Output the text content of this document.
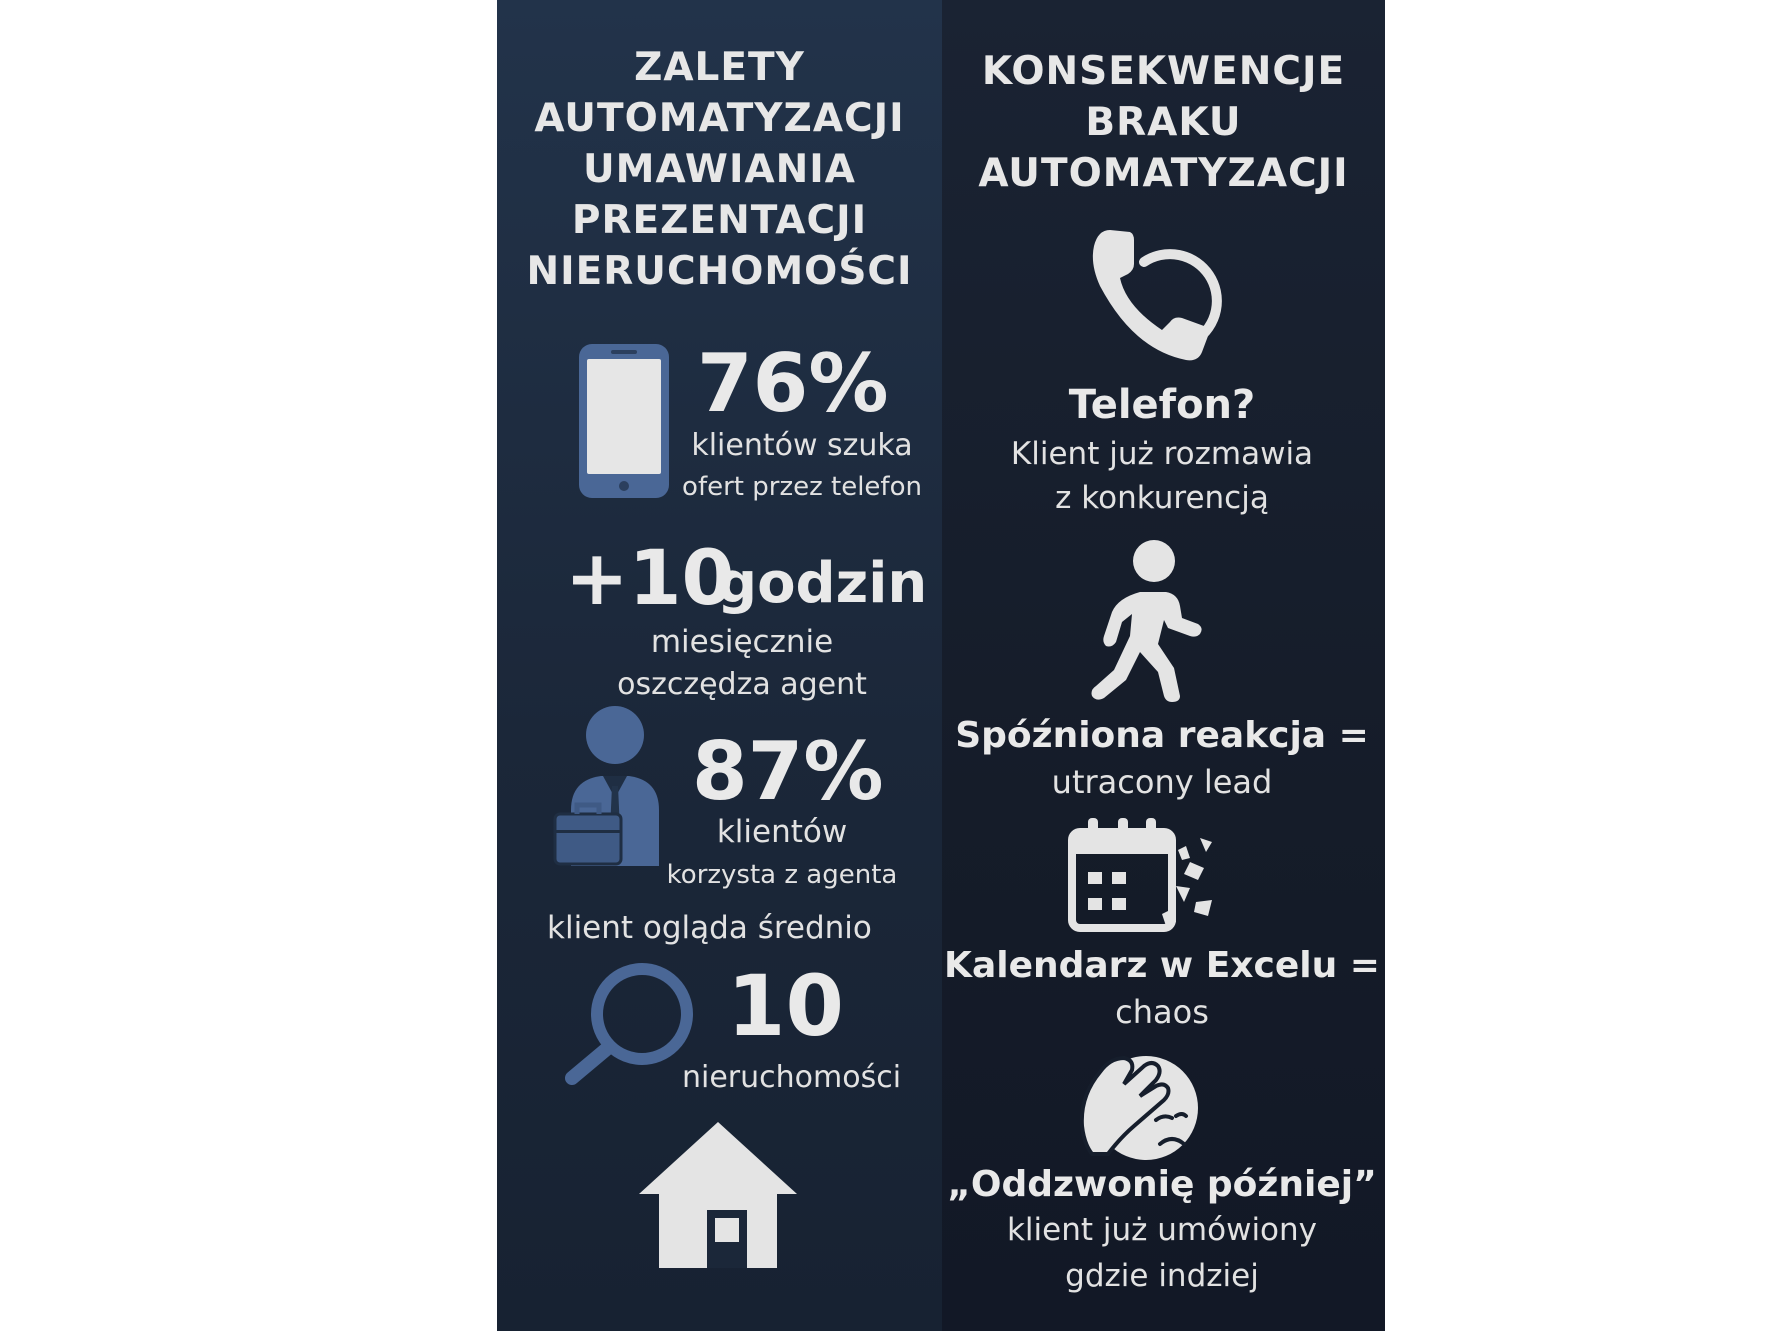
ZALETY
AUTOMATYZACJI
UMAWIANIA
PREZENTACJI
NIERUCHOMOŚCI
76%
klientów szuka
ofert przez telefon
+10
godzin
miesięcznie
oszczędza agent
87%
klientów
korzysta z agenta
klient ogląda średnio
10
nieruchomości
KONSEKWENCJE
BRAKU
AUTOMATYZACJI
Telefon?
Klient już rozmawia
z konkurencją
Spóźniona reakcja =
utracony lead
Kalendarz w Excelu =
chaos
„Oddzwonię później”
klient już umówiony
gdzie indziej
